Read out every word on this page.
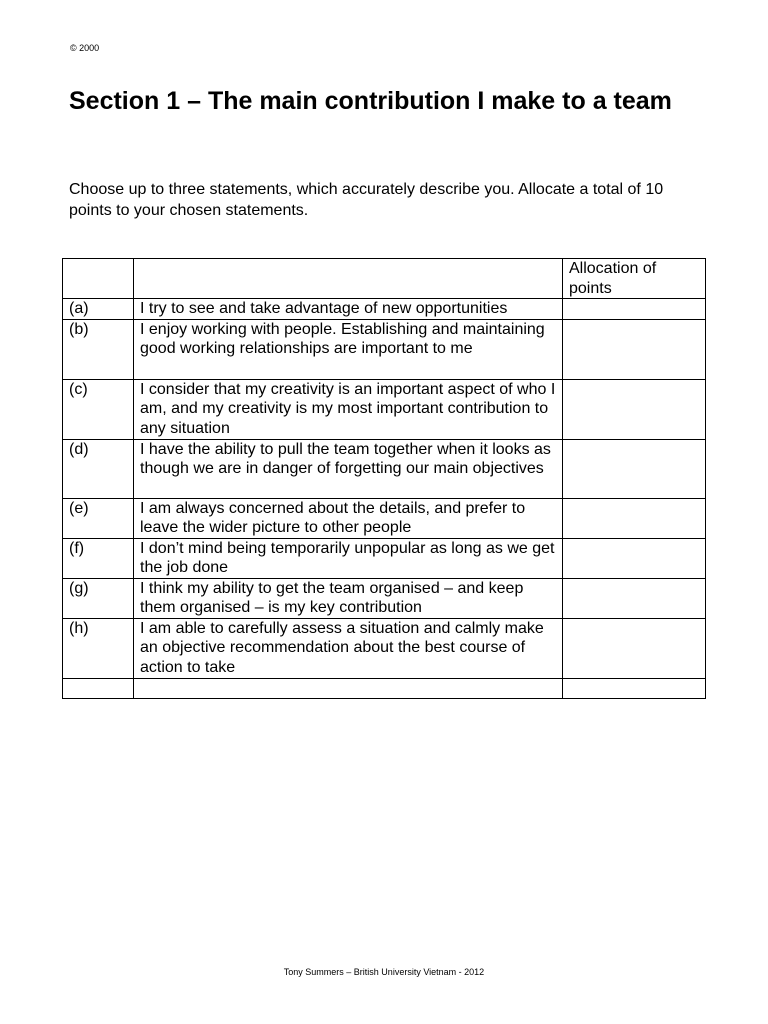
© 2000
Section 1 – The main contribution I make to a team

Choose up to three statements, which accurately describe you. Allocate a total of 10 points to your chosen statements.

		Allocation of points
(a)	I try to see and take advantage of new opportunities	
(b)	I enjoy working with people. Establishing and maintaining good working relationships are important to me	
(c)	I consider that my creativity is an important aspect of who I am, and my creativity is my most important contribution to any situation	
(d)	I have the ability to pull the team together when it looks as though we are in danger of forgetting our main objectives	
(e)	I am always concerned about the details, and prefer to leave the wider picture to other people	
(f)	I don’t mind being temporarily unpopular as long as we get the job done	
(g)	I think my ability to get the team organised – and keep them organised – is my key contribution	
(h)	I am able to carefully assess a situation and calmly make an objective recommendation about the best course of action to take	

Tony Summers – British University Vietnam - 2012
